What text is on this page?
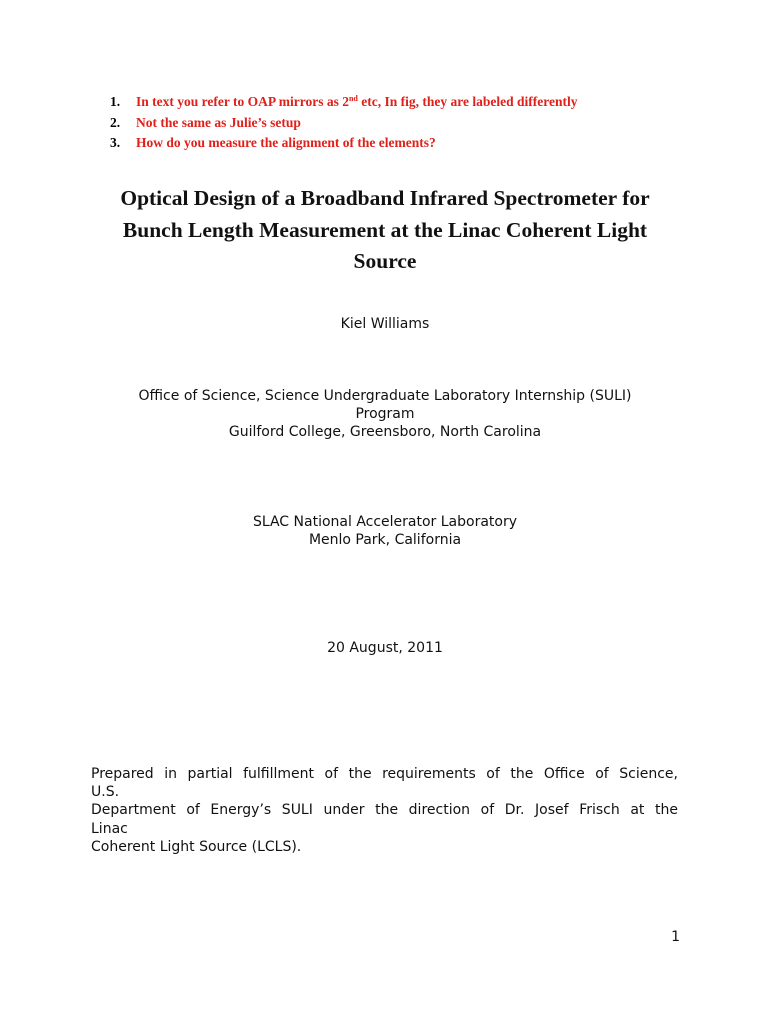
1. In text you refer to OAP mirrors as 2nd etc, In fig, they are labeled differently
2. Not the same as Julie’s setup
3. How do you measure the alignment of the elements?
Optical Design of a Broadband Infrared Spectrometer for
Bunch Length Measurement at the Linac Coherent Light
Source
Kiel Williams
Office of Science, Science Undergraduate Laboratory Internship (SULI)
Program
Guilford College, Greensboro, North Carolina
SLAC National Accelerator Laboratory
Menlo Park, California
20 August, 2011
Prepared in partial fulfillment of the requirements of the Office of Science,
U.S.
Department of Energy’s SULI under the direction of Dr. Josef Frisch at the
Linac
Coherent Light Source (LCLS).
1
